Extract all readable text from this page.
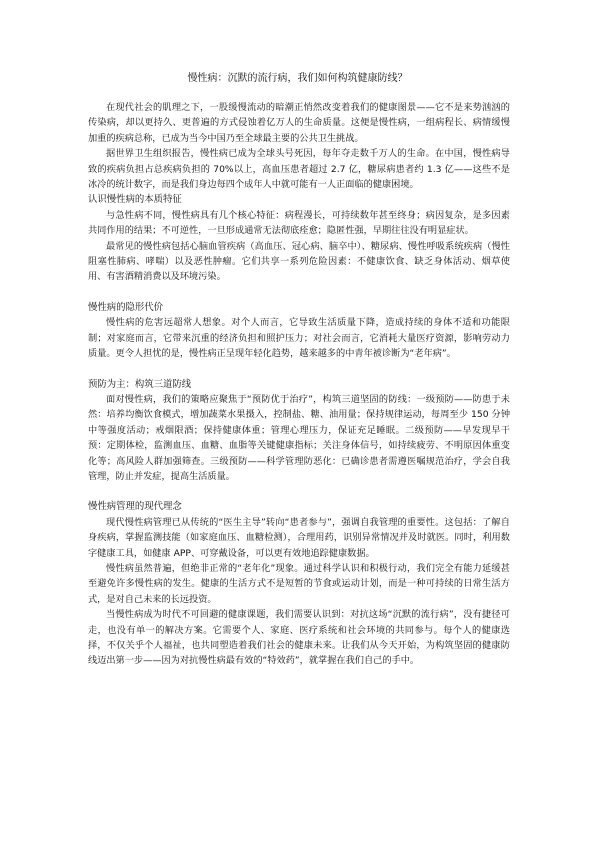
慢性病：沉默的流行病，我们如何构筑健康防线？

在现代社会的肌理之下，一股缓慢流动的暗潮正悄然改变着我们的健康图景——它不是来势汹汹的传染病，却以更持久、更普遍的方式侵蚀着亿万人的生命质量。这便是慢性病，一组病程长、病情缓慢加重的疾病总称，已成为当今中国乃至全球最主要的公共卫生挑战。

据世界卫生组织报告，慢性病已成为全球头号死因，每年夺走数千万人的生命。在中国，慢性病导致的疾病负担占总疾病负担的 70%以上，高血压患者超过 2.7 亿，糖尿病患者约 1.3 亿——这些不是冰冷的统计数字，而是我们身边每四个成年人中就可能有一人正面临的健康困境。

认识慢性病的本质特征

与急性病不同，慢性病具有几个核心特征：病程漫长，可持续数年甚至终身；病因复杂，是多因素共同作用的结果；不可逆性，一旦形成通常无法彻底痊愈；隐匿性强，早期往往没有明显症状。

最常见的慢性病包括心脑血管疾病（高血压、冠心病、脑卒中）、糖尿病、慢性呼吸系统疾病（慢性阻塞性肺病、哮喘）以及恶性肿瘤。它们共享一系列危险因素：不健康饮食、缺乏身体活动、烟草使用、有害酒精消费以及环境污染。

慢性病的隐形代价

慢性病的危害远超常人想象。对个人而言，它导致生活质量下降，造成持续的身体不适和功能限制；对家庭而言，它带来沉重的经济负担和照护压力；对社会而言，它消耗大量医疗资源，影响劳动力质量。更令人担忧的是，慢性病正呈现年轻化趋势，越来越多的中青年被诊断为“老年病”。

预防为主：构筑三道防线

面对慢性病，我们的策略应聚焦于“预防优于治疗”，构筑三道坚固的防线：一级预防——防患于未然：培养均衡饮食模式，增加蔬菜水果摄入，控制盐、糖、油用量；保持规律运动，每周至少 150 分钟中等强度活动；戒烟限酒；保持健康体重；管理心理压力，保证充足睡眠。二级预防——早发现早干预：定期体检，监测血压、血糖、血脂等关键健康指标；关注身体信号，如持续疲劳、不明原因体重变化等；高风险人群加强筛查。三级预防——科学管理防恶化：已确诊患者需遵医嘱规范治疗，学会自我管理，防止并发症，提高生活质量。

慢性病管理的现代理念

现代慢性病管理已从传统的“医生主导”转向“患者参与”，强调自我管理的重要性。这包括：了解自身疾病，掌握监测技能（如家庭血压、血糖检测），合理用药，识别异常情况并及时就医。同时，利用数字健康工具，如健康 APP、可穿戴设备，可以更有效地追踪健康数据。

慢性病虽然普遍，但绝非正常的“老年化”现象。通过科学认识和积极行动，我们完全有能力延缓甚至避免许多慢性病的发生。健康的生活方式不是短暂的节食或运动计划，而是一种可持续的日常生活方式，是对自己未来的长远投资。

当慢性病成为时代不可回避的健康课题，我们需要认识到：对抗这场“沉默的流行病”，没有捷径可走，也没有单一的解决方案。它需要个人、家庭、医疗系统和社会环境的共同参与。每个人的健康选择，不仅关乎个人福祉，也共同塑造着我们社会的健康未来。让我们从今天开始，为构筑坚固的健康防线迈出第一步——因为对抗慢性病最有效的“特效药”，就掌握在我们自己的手中。
